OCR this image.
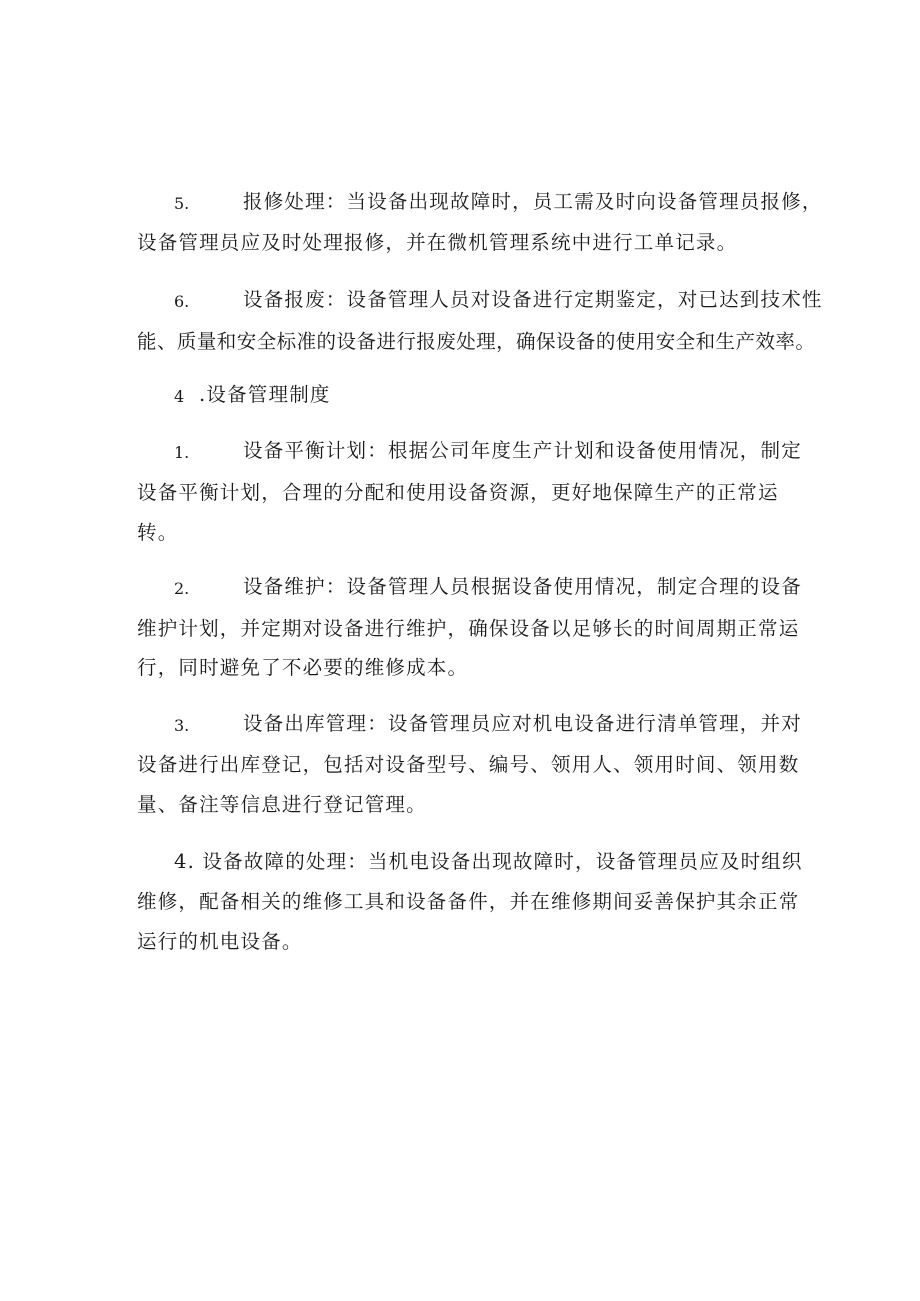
5.	报修处理：当设备出现故障时，员工需及时向设备管理员报修，
设备管理员应及时处理报修，并在微机管理系统中进行工单记录。
6.	设备报废：设备管理人员对设备进行定期鉴定，对已达到技术性
能、质量和安全标准的设备进行报废处理，确保设备的使用安全和生产效率。
4 .设备管理制度
1.	设备平衡计划：根据公司年度生产计划和设备使用情况，制定
设备平衡计划，合理的分配和使用设备资源，更好地保障生产的正常运
转。
2.	设备维护：设备管理人员根据设备使用情况，制定合理的设备
维护计划，并定期对设备进行维护，确保设备以足够长的时间周期正常运
行，同时避免了不必要的维修成本。
3.	设备出库管理：设备管理员应对机电设备进行清单管理，并对
设备进行出库登记，包括对设备型号、编号、领用人、领用时间、领用数
量、备注等信息进行登记管理。
4. 设备故障的处理：当机电设备出现故障时，设备管理员应及时组织
维修，配备相关的维修工具和设备备件，并在维修期间妥善保护其余正常
运行的机电设备。
